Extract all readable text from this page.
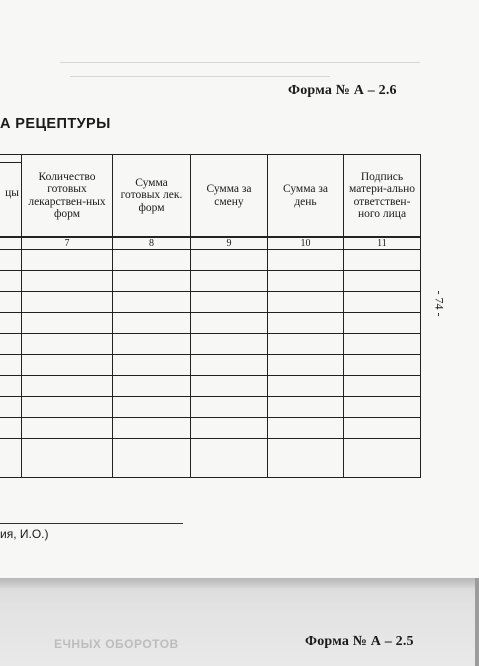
Форма № А – 2.6
А РЕЦЕПТУРЫ
цы	Количество готовых лекарствен-ных форм	Сумма готовых лек. форм	Сумма за смену	Сумма за день	Подпись матери-ально ответствен-ного лица

	7	8	9	10	11

- 74 -
ия, И.О.)
ЕЧНЫХ ОБОРОТОВ	Форма № А – 2.5
